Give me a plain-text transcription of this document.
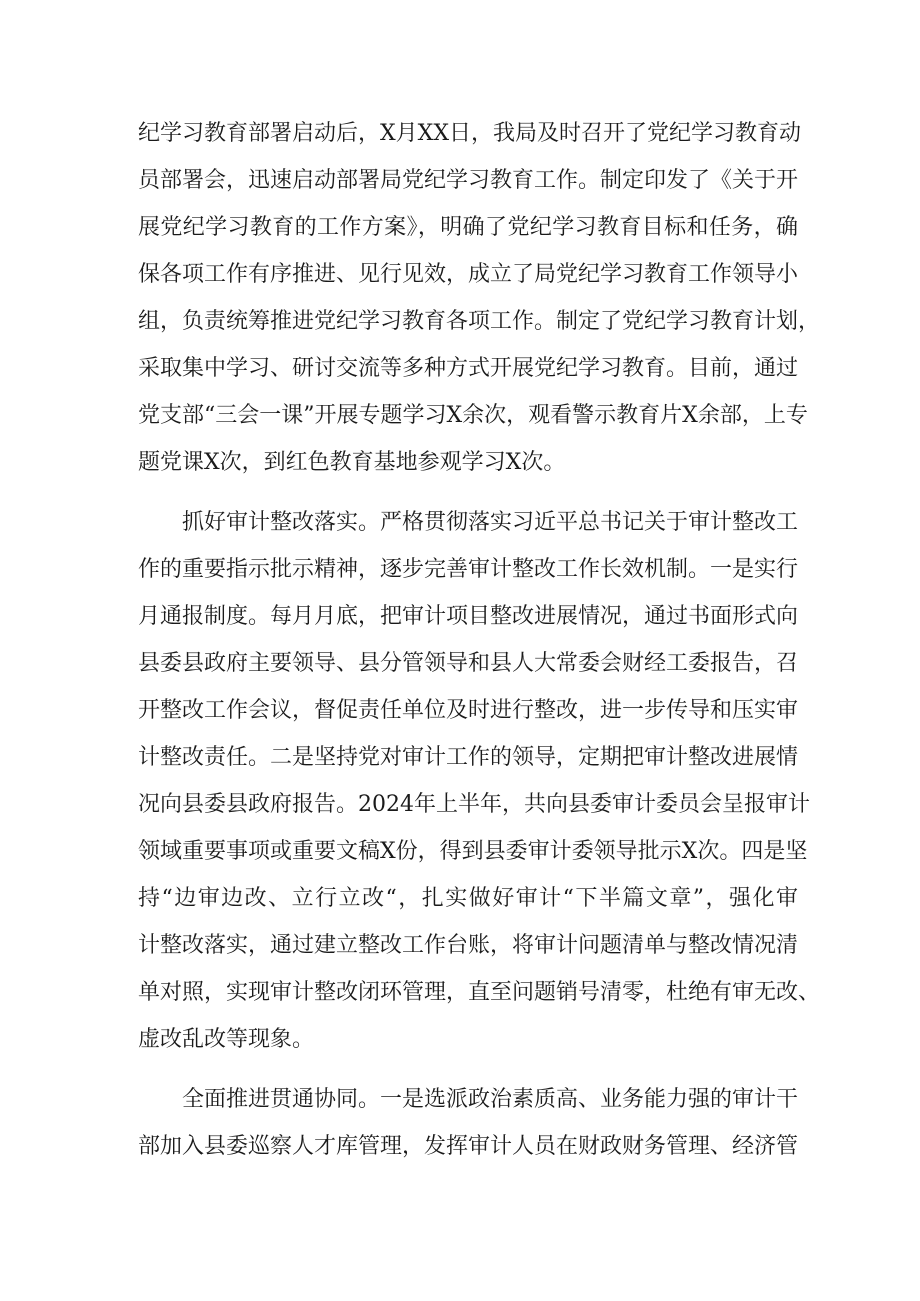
纪学习教育部署启动后，X月XX日，我局及时召开了党纪学习教育动
员部署会，迅速启动部署局党纪学习教育工作。制定印发了《关于开
展党纪学习教育的工作方案》，明确了党纪学习教育目标和任务，确
保各项工作有序推进、见行见效，成立了局党纪学习教育工作领导小
组，负责统筹推进党纪学习教育各项工作。制定了党纪学习教育计划，
采取集中学习、研讨交流等多种方式开展党纪学习教育。目前，通过
党支部“三会一课”开展专题学习X余次，观看警示教育片X余部，上专
题党课X次，到红色教育基地参观学习X次。
抓好审计整改落实。严格贯彻落实习近平总书记关于审计整改工
作的重要指示批示精神，逐步完善审计整改工作长效机制。一是实行
月通报制度。每月月底，把审计项目整改进展情况，通过书面形式向
县委县政府主要领导、县分管领导和县人大常委会财经工委报告，召
开整改工作会议，督促责任单位及时进行整改，进一步传导和压实审
计整改责任。二是坚持党对审计工作的领导，定期把审计整改进展情
况向县委县政府报告。2024年上半年，共向县委审计委员会呈报审计
领域重要事项或重要文稿X份，得到县委审计委领导批示X次。四是坚
持“边审边改、立行立改“，扎实做好审计“下半篇文章”，强化审
计整改落实，通过建立整改工作台账，将审计问题清单与整改情况清
单对照，实现审计整改闭环管理，直至问题销号清零，杜绝有审无改、
虚改乱改等现象。
全面推进贯通协同。一是选派政治素质高、业务能力强的审计干
部加入县委巡察人才库管理，发挥审计人员在财政财务管理、经济管
